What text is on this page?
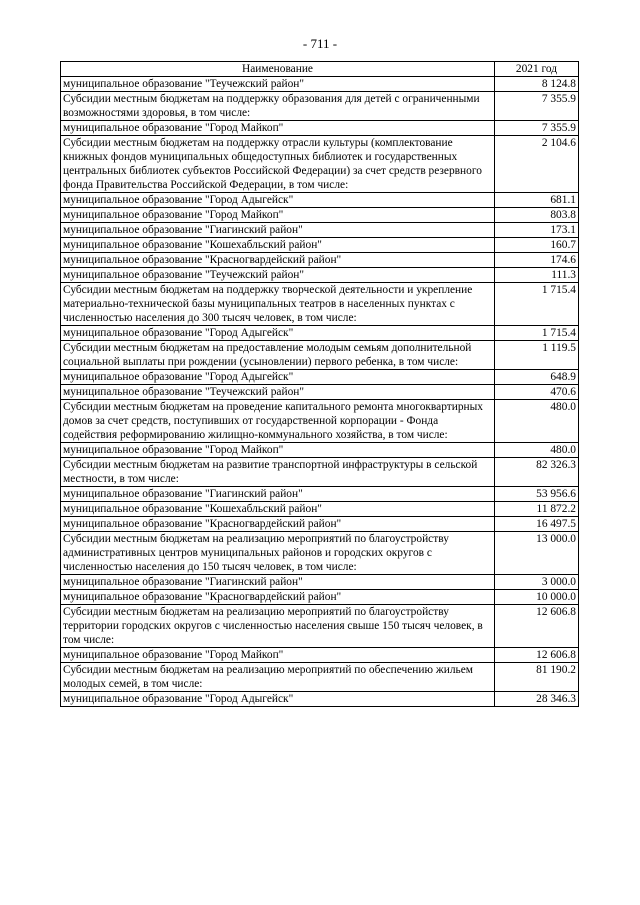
- 711 -
Наименование	2021 год
муниципальное образование "Теучежский район"	8 124.8
Субсидии местным бюджетам на поддержку образования для детей с ограниченными возможностями здоровья, в том числе:	7 355.9
муниципальное образование "Город Майкоп"	7 355.9
Субсидии местным бюджетам на поддержку отрасли культуры (комплектование книжных фондов муниципальных общедоступных библиотек и государственных центральных библиотек субъектов Российской Федерации) за счет средств резервного фонда Правительства Российской Федерации, в том числе:	2 104.6
муниципальное образование "Город Адыгейск"	681.1
муниципальное образование "Город Майкоп"	803.8
муниципальное образование "Гиагинский район"	173.1
муниципальное образование "Кошехабльский район"	160.7
муниципальное образование "Красногвардейский район"	174.6
муниципальное образование "Теучежский район"	111.3
Субсидии местным бюджетам на поддержку творческой деятельности и укрепление материально-технической базы муниципальных театров в населенных пунктах с численностью населения до 300 тысяч человек, в том числе:	1 715.4
муниципальное образование "Город Адыгейск"	1 715.4
Субсидии местным бюджетам на предоставление молодым семьям дополнительной социальной выплаты при рождении (усыновлении) первого ребенка, в том числе:	1 119.5
муниципальное образование "Город Адыгейск"	648.9
муниципальное образование "Теучежский район"	470.6
Субсидии местным бюджетам на проведение капитального ремонта многоквартирных домов за счет средств, поступивших от государственной корпорации - Фонда содействия реформированию жилищно-коммунального хозяйства, в том числе:	480.0
муниципальное образование "Город Майкоп"	480.0
Субсидии местным бюджетам на развитие транспортной инфраструктуры в сельской местности, в том числе:	82 326.3
муниципальное образование "Гиагинский район"	53 956.6
муниципальное образование "Кошехабльский район"	11 872.2
муниципальное образование "Красногвардейский район"	16 497.5
Субсидии местным бюджетам на реализацию мероприятий по благоустройству административных центров муниципальных районов и городских округов с численностью населения до 150 тысяч человек, в том числе:	13 000.0
муниципальное образование "Гиагинский район"	3 000.0
муниципальное образование "Красногвардейский район"	10 000.0
Субсидии местным бюджетам на реализацию мероприятий по благоустройству территории городских округов с численностью населения свыше 150 тысяч человек, в том числе:	12 606.8
муниципальное образование "Город Майкоп"	12 606.8
Субсидии местным бюджетам на реализацию мероприятий по обеспечению жильем молодых семей, в том числе:	81 190.2
муниципальное образование "Город Адыгейск"	28 346.3
